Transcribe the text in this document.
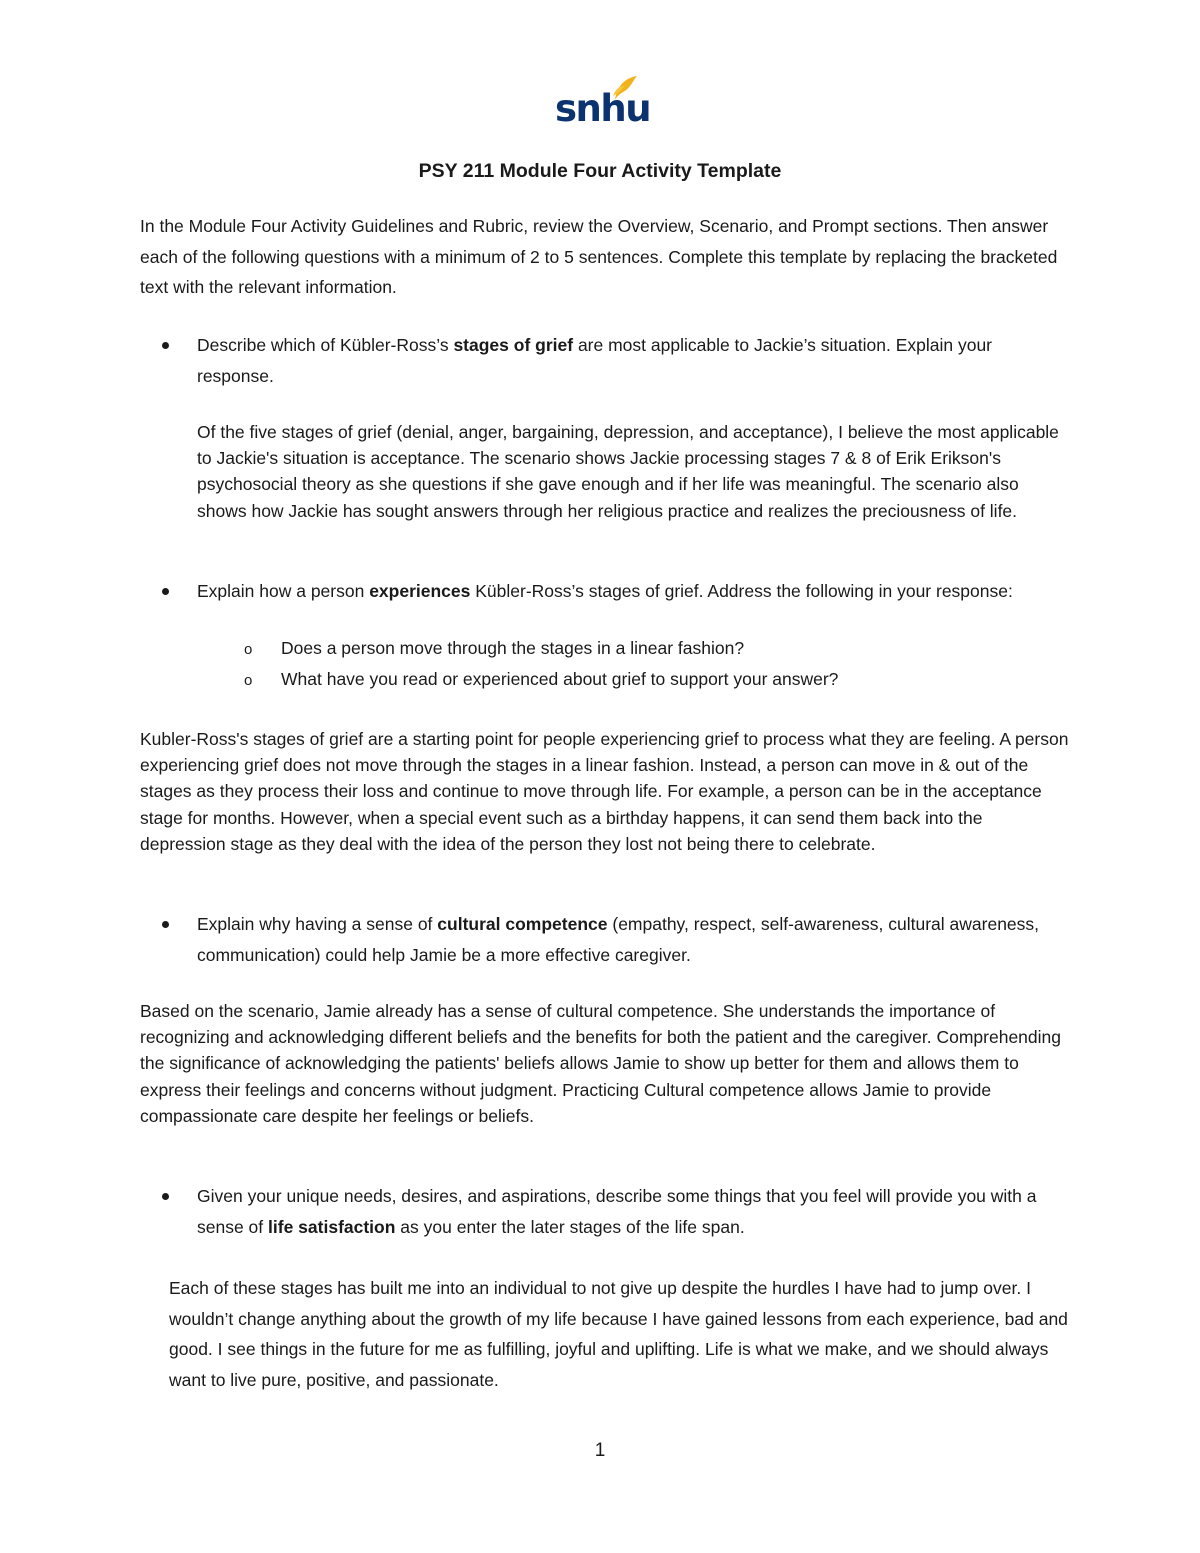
snhu
PSY 211 Module Four Activity Template
In the Module Four Activity Guidelines and Rubric, review the Overview, Scenario, and Prompt sections. Then answer each of the following questions with a minimum of 2 to 5 sentences. Complete this template by replacing the bracketed text with the relevant information.
Describe which of Kübler-Ross’s stages of grief are most applicable to Jackie’s situation. Explain your response.
Of the five stages of grief (denial, anger, bargaining, depression, and acceptance), I believe the most applicable to Jackie's situation is acceptance. The scenario shows Jackie processing stages 7 & 8 of Erik Erikson's psychosocial theory as she questions if she gave enough and if her life was meaningful. The scenario also shows how Jackie has sought answers through her religious practice and realizes the preciousness of life.
Explain how a person experiences Kübler-Ross’s stages of grief. Address the following in your response:
o Does a person move through the stages in a linear fashion?
o What have you read or experienced about grief to support your answer?
Kubler-Ross's stages of grief are a starting point for people experiencing grief to process what they are feeling. A person experiencing grief does not move through the stages in a linear fashion. Instead, a person can move in & out of the stages as they process their loss and continue to move through life. For example, a person can be in the acceptance stage for months. However, when a special event such as a birthday happens, it can send them back into the depression stage as they deal with the idea of the person they lost not being there to celebrate.
Explain why having a sense of cultural competence (empathy, respect, self-awareness, cultural awareness, communication) could help Jamie be a more effective caregiver.
Based on the scenario, Jamie already has a sense of cultural competence. She understands the importance of recognizing and acknowledging different beliefs and the benefits for both the patient and the caregiver. Comprehending the significance of acknowledging the patients' beliefs allows Jamie to show up better for them and allows them to express their feelings and concerns without judgment. Practicing Cultural competence allows Jamie to provide compassionate care despite her feelings or beliefs.
Given your unique needs, desires, and aspirations, describe some things that you feel will provide you with a sense of life satisfaction as you enter the later stages of the life span.
Each of these stages has built me into an individual to not give up despite the hurdles I have had to jump over. I wouldn’t change anything about the growth of my life because I have gained lessons from each experience, bad and good. I see things in the future for me as fulfilling, joyful and uplifting. Life is what we make, and we should always want to live pure, positive, and passionate.
1
